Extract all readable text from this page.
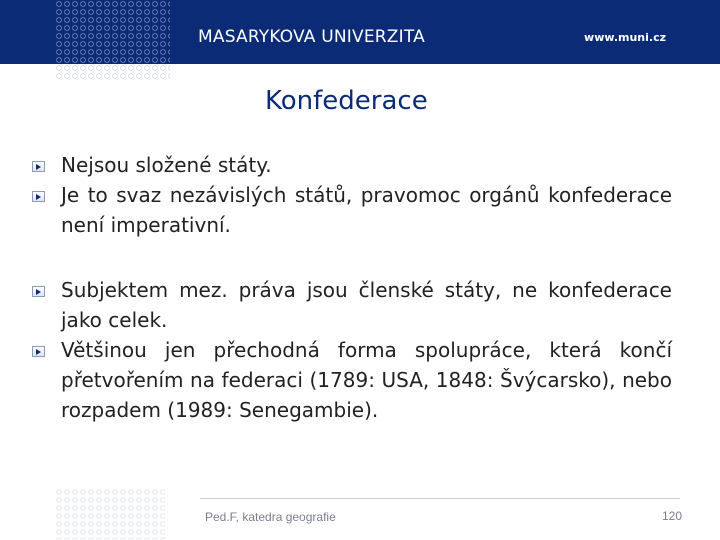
MASARYKOVA UNIVERZITA	www.muni.cz
Konfederace
Nejsou složené státy.
Je to svaz nezávislých států, pravomoc orgánů konfederace není imperativní.
Subjektem mez. práva jsou členské státy, ne konfederace jako celek.
Většinou jen přechodná forma spolupráce, která končí přetvořením na federaci (1789: USA, 1848: Švýcarsko), nebo rozpadem (1989: Senegambie).
Ped.F, katedra geografie	120
